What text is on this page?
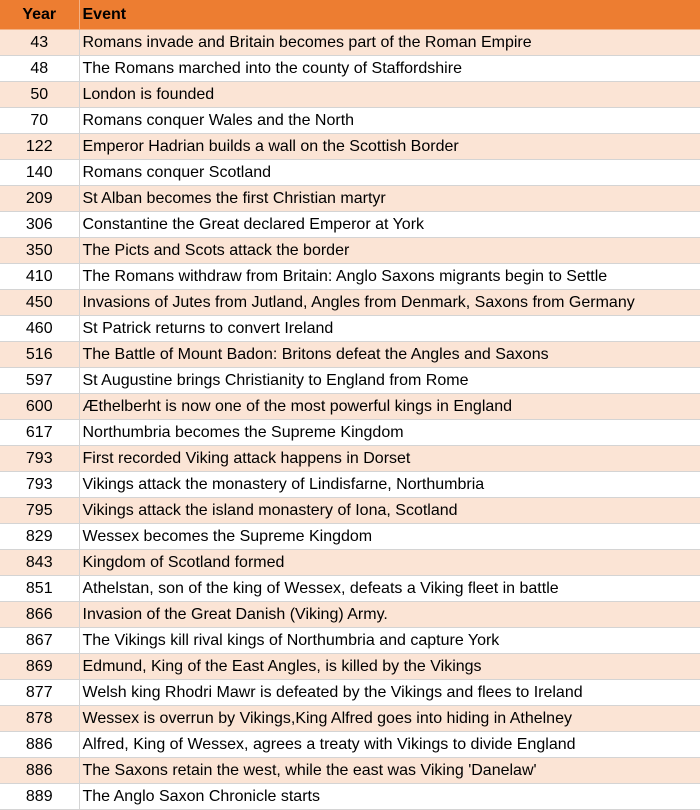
Year	Event
43	Romans invade and Britain becomes part of the Roman Empire
48	The Romans marched into the county of Staffordshire
50	London is founded
70	Romans conquer Wales and the North
122	Emperor Hadrian builds a wall on the Scottish Border
140	Romans conquer Scotland
209	St Alban becomes the first Christian martyr
306	Constantine the Great declared Emperor at York
350	The Picts and Scots attack the border
410	The Romans withdraw from Britain: Anglo Saxons migrants begin to Settle
450	Invasions of Jutes from Jutland, Angles from Denmark, Saxons from Germany
460	St Patrick returns to convert Ireland
516	The Battle of Mount Badon: Britons defeat the Angles and Saxons
597	St Augustine brings Christianity to England from Rome
600	Æthelberht is now one of the most powerful kings in England
617	Northumbria becomes the Supreme Kingdom
793	First recorded Viking attack happens in Dorset
793	Vikings attack the monastery of Lindisfarne, Northumbria
795	Vikings attack the island monastery of Iona, Scotland
829	Wessex becomes the Supreme Kingdom
843	Kingdom of Scotland formed
851	Athelstan, son of the king of Wessex, defeats a Viking fleet in battle
866	Invasion of the Great Danish (Viking) Army.
867	The Vikings kill rival kings of Northumbria and capture York
869	Edmund, King of the East Angles, is killed by the Vikings
877	Welsh king Rhodri Mawr is defeated by the Vikings and flees to Ireland
878	Wessex is overrun by Vikings,King Alfred goes into hiding in Athelney
886	Alfred, King of Wessex, agrees a treaty with Vikings to divide England
886	The Saxons retain the west, while the east was Viking 'Danelaw'
889	The Anglo Saxon Chronicle starts
